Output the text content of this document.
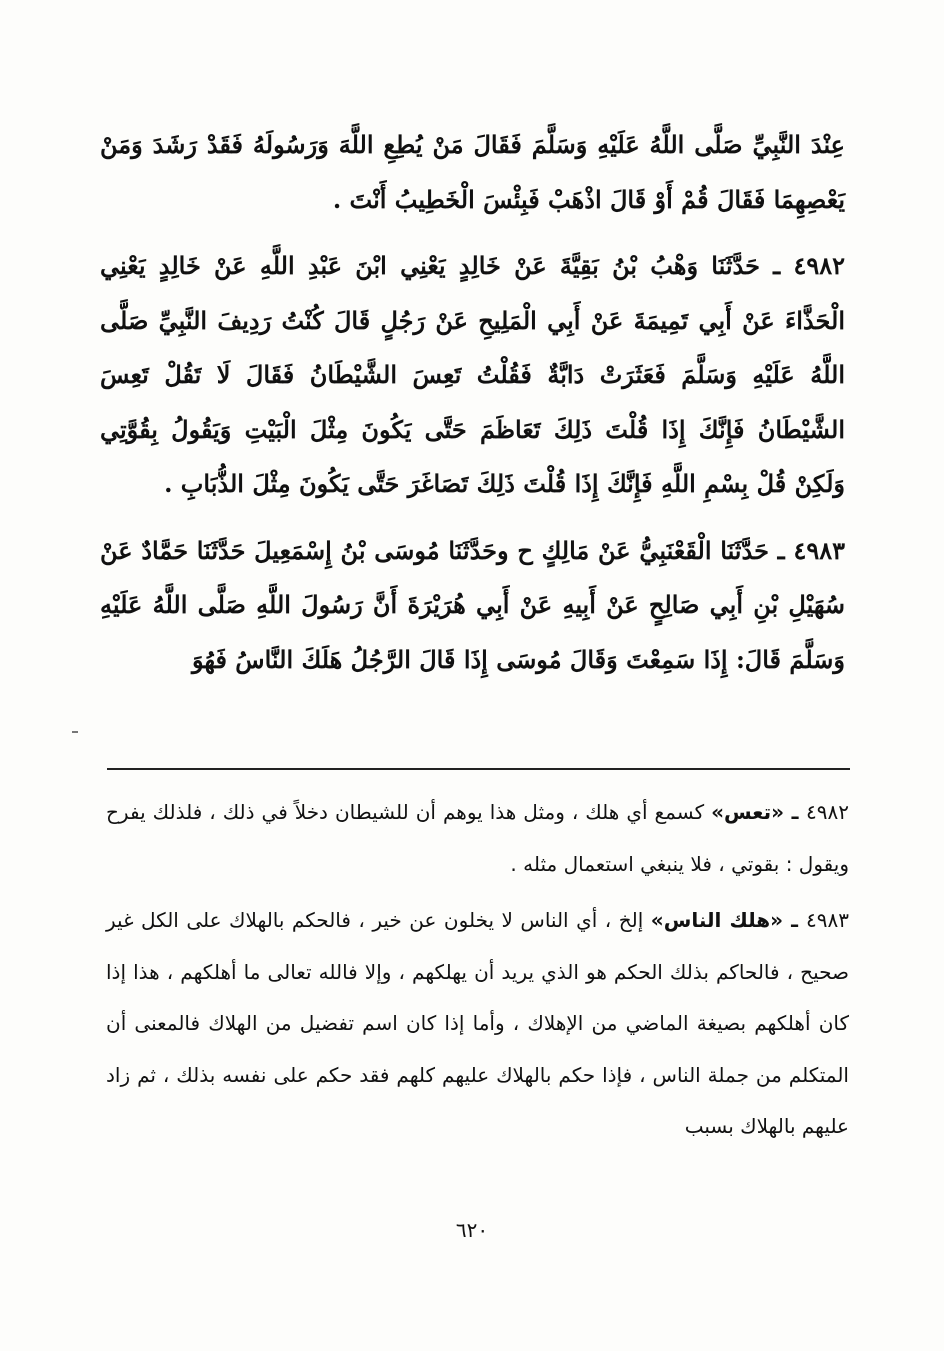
عِنْدَ النَّبِيِّ صَلَّى اللَّهُ عَلَيْهِ وَسَلَّمَ فَقَالَ مَنْ يُطِعِ اللَّهَ وَرَسُولَهُ فَقَدْ رَشَدَ وَمَنْ يَعْصِهِمَا فَقَالَ قُمْ أَوْ قَالَ اذْهَبْ فَبِئْسَ الْخَطِيبُ أَنْتَ .

٤٩٨٢ ـ حَدَّثَنَا وَهْبُ بْنُ بَقِيَّةَ عَنْ خَالِدٍ يَعْنِي ابْنَ عَبْدِ اللَّهِ عَنْ خَالِدٍ يَعْنِي الْحَذَّاءَ عَنْ أَبِي تَمِيمَةَ عَنْ أَبِي الْمَلِيحِ عَنْ رَجُلٍ قَالَ كُنْتُ رَدِيفَ النَّبِيِّ صَلَّى اللَّهُ عَلَيْهِ وَسَلَّمَ فَعَثَرَتْ دَابَّةٌ فَقُلْتُ تَعِسَ الشَّيْطَانُ فَقَالَ لَا تَقُلْ تَعِسَ الشَّيْطَانُ فَإِنَّكَ إِذَا قُلْتَ ذَلِكَ تَعَاظَمَ حَتَّى يَكُونَ مِثْلَ الْبَيْتِ وَيَقُولُ بِقُوَّتِي وَلَكِنْ قُلْ بِسْمِ اللَّهِ فَإِنَّكَ إِذَا قُلْتَ ذَلِكَ تَصَاغَرَ حَتَّى يَكُونَ مِثْلَ الذُّبَابِ .

٤٩٨٣ ـ حَدَّثَنَا الْقَعْنَبِيُّ عَنْ مَالِكٍ ح وحَدَّثَنَا مُوسَى بْنُ إِسْمَعِيلَ حَدَّثَنَا حَمَّادٌ عَنْ سُهَيْلِ بْنِ أَبِي صَالِحٍ عَنْ أَبِيهِ عَنْ أَبِي هُرَيْرَةَ أَنَّ رَسُولَ اللَّهِ صَلَّى اللَّهُ عَلَيْهِ وَسَلَّمَ قَالَ: إِذَا سَمِعْتَ وَقَالَ مُوسَى إِذَا قَالَ الرَّجُلُ هَلَكَ النَّاسُ فَهُوَ

٤٩٨٢ ـ «تعس» كسمع أي هلك ، ومثل هذا يوهم أن للشيطان دخلاً في ذلك ، فلذلك يفرح ويقول : بقوتي ، فلا ينبغي استعمال مثله .

٤٩٨٣ ـ «هلك الناس» إلخ ، أي الناس لا يخلون عن خير ، فالحكم بالهلاك على الكل غير صحيح ، فالحاكم بذلك الحكم هو الذي يريد أن يهلكهم ، وإلا فالله تعالى ما أهلكهم ، هذا إذا كان أهلكهم بصيغة الماضي من الإهلاك ، وأما إذا كان اسم تفضيل من الهلاك فالمعنى أن المتكلم من جملة الناس ، فإذا حكم بالهلاك عليهم كلهم فقد حكم على نفسه بذلك ، ثم زاد عليهم بالهلاك بسبب

٦٢٠
